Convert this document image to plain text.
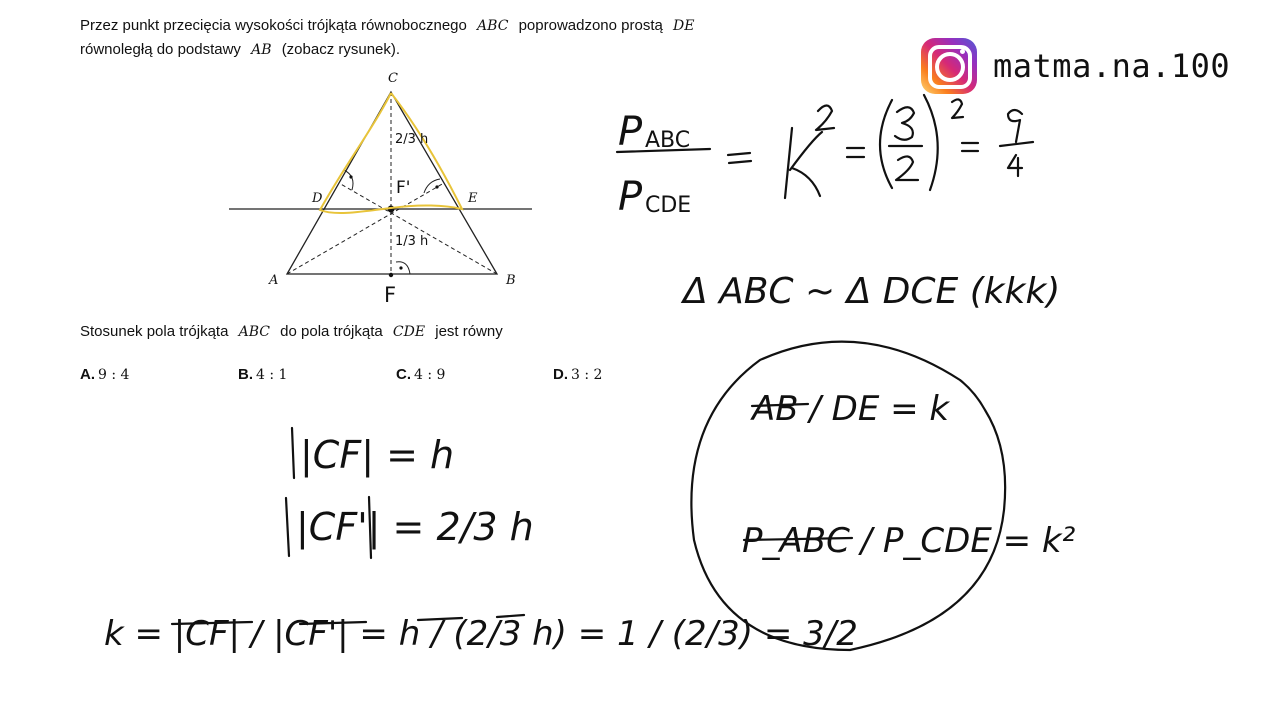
Przez punkt przecięcia wysokości trójkąta równobocznego ABC poprowadzono prostą DE
równoległą do podstawy AB (zobacz rysunek).	matma.na.100
C
D	E
A	B
F
F'
2/3 h
1/3 h
Stosunek pola trójkąta ABC do pola trójkąta CDE jest równy
A. 9 : 4	B. 4 : 1	C. 4 : 9	D. 3 : 2
P ABC
P CDE
Δ ABC ~ Δ DCE (kkk)
|CF| = h
|CF'| = 2/3 h
k = |CF| / |CF'| = h / (2/3 h) = 1 / (2/3) = 3/2
AB / DE = k
P_ABC / P_CDE = k²
